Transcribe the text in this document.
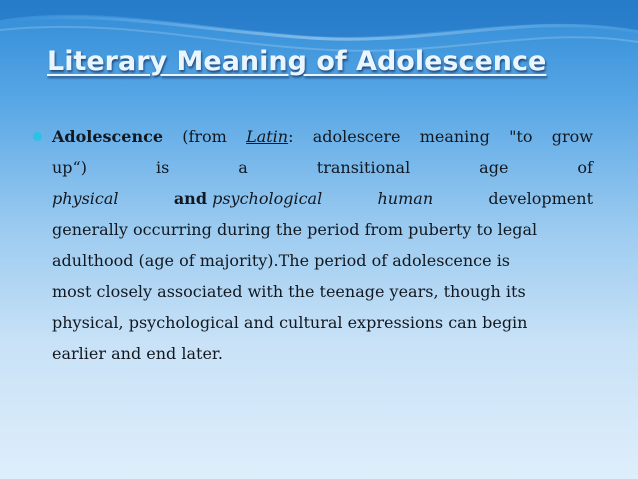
Literary Meaning of Adolescence
Adolescence (from Latin: adolescere meaning "to grow
up“)	is	a	transitional	age	of
physical	and psychological	human	development
generally occurring during the period from puberty to legal
adulthood (age of majority).The period of adolescence is
most closely associated with the teenage years, though its
physical, psychological and cultural expressions can begin
earlier and end later.
